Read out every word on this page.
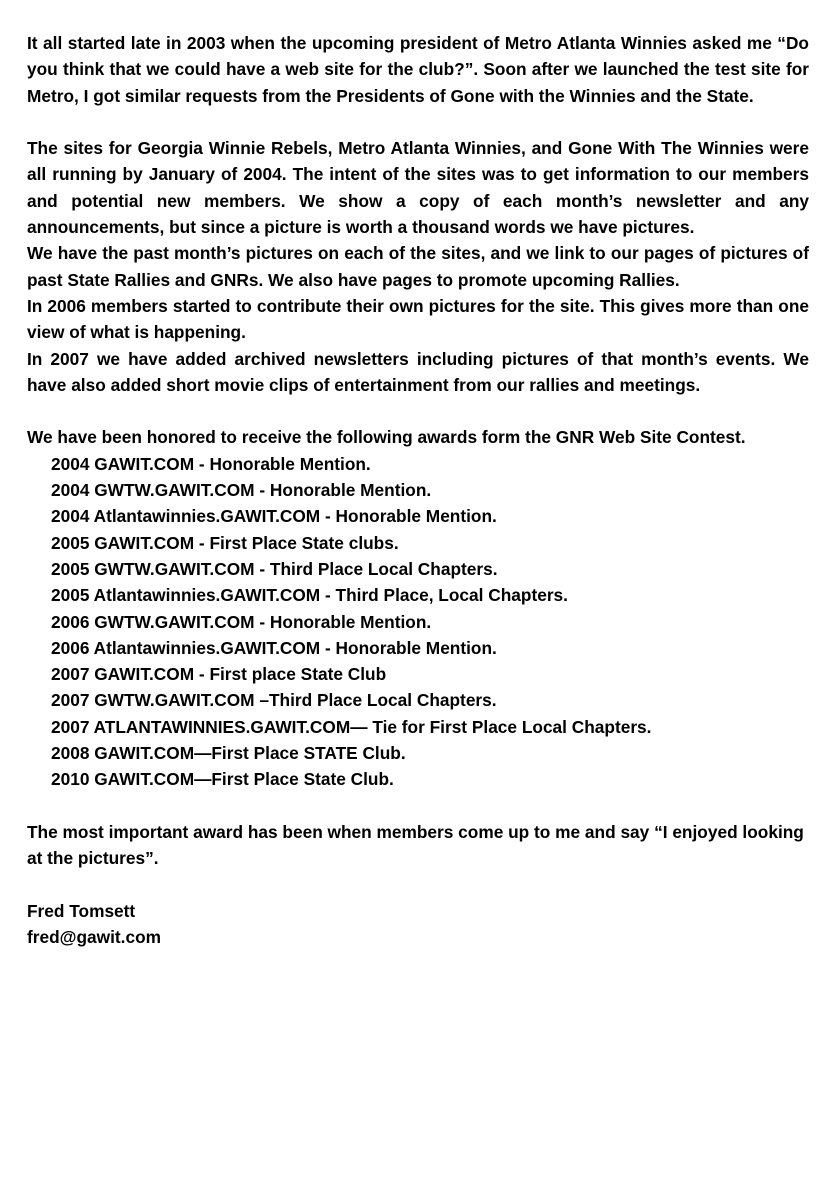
It all started late in 2003 when the upcoming president of Metro Atlanta Winnies asked me “Do you think that we could have a web site for the club?”. Soon after we launched the test site for Metro, I got similar requests from the Presidents of Gone with the Winnies and the State.

The sites for Georgia Winnie Rebels, Metro Atlanta Winnies, and Gone With The Winnies were all running by January of 2004. The intent of the sites was to get information to our members and potential new members. We show a copy of each month’s newsletter and any announcements, but since a picture is worth a thousand words we have pictures.

We have the past month’s pictures on each of the sites, and we link to our pages of pictures of past State Rallies and GNRs. We also have pages to promote upcoming Rallies.

In 2006 members started to contribute their own pictures for the site. This gives more than one view of what is happening.

In 2007 we have added archived newsletters including pictures of that month’s events. We have also added short movie clips of entertainment from our rallies and meetings.

We have been honored to receive the following awards form the GNR Web Site Contest.

2004 GAWIT.COM - Honorable Mention.
2004 GWTW.GAWIT.COM - Honorable Mention.
2004 Atlantawinnies.GAWIT.COM - Honorable Mention.
2005 GAWIT.COM - First Place State clubs.
2005 GWTW.GAWIT.COM - Third Place Local Chapters.
2005 Atlantawinnies.GAWIT.COM - Third Place, Local Chapters.
2006 GWTW.GAWIT.COM - Honorable Mention.
2006 Atlantawinnies.GAWIT.COM - Honorable Mention.
2007 GAWIT.COM - First place State Club
2007 GWTW.GAWIT.COM –Third Place Local Chapters.
2007 ATLANTAWINNIES.GAWIT.COM— Tie for First Place Local Chapters.
2008 GAWIT.COM—First Place STATE Club.
2010 GAWIT.COM—First Place State Club.

The most important award has been when members come up to me and say “I enjoyed looking at the pictures”.

Fred Tomsett

fred@gawit.com
